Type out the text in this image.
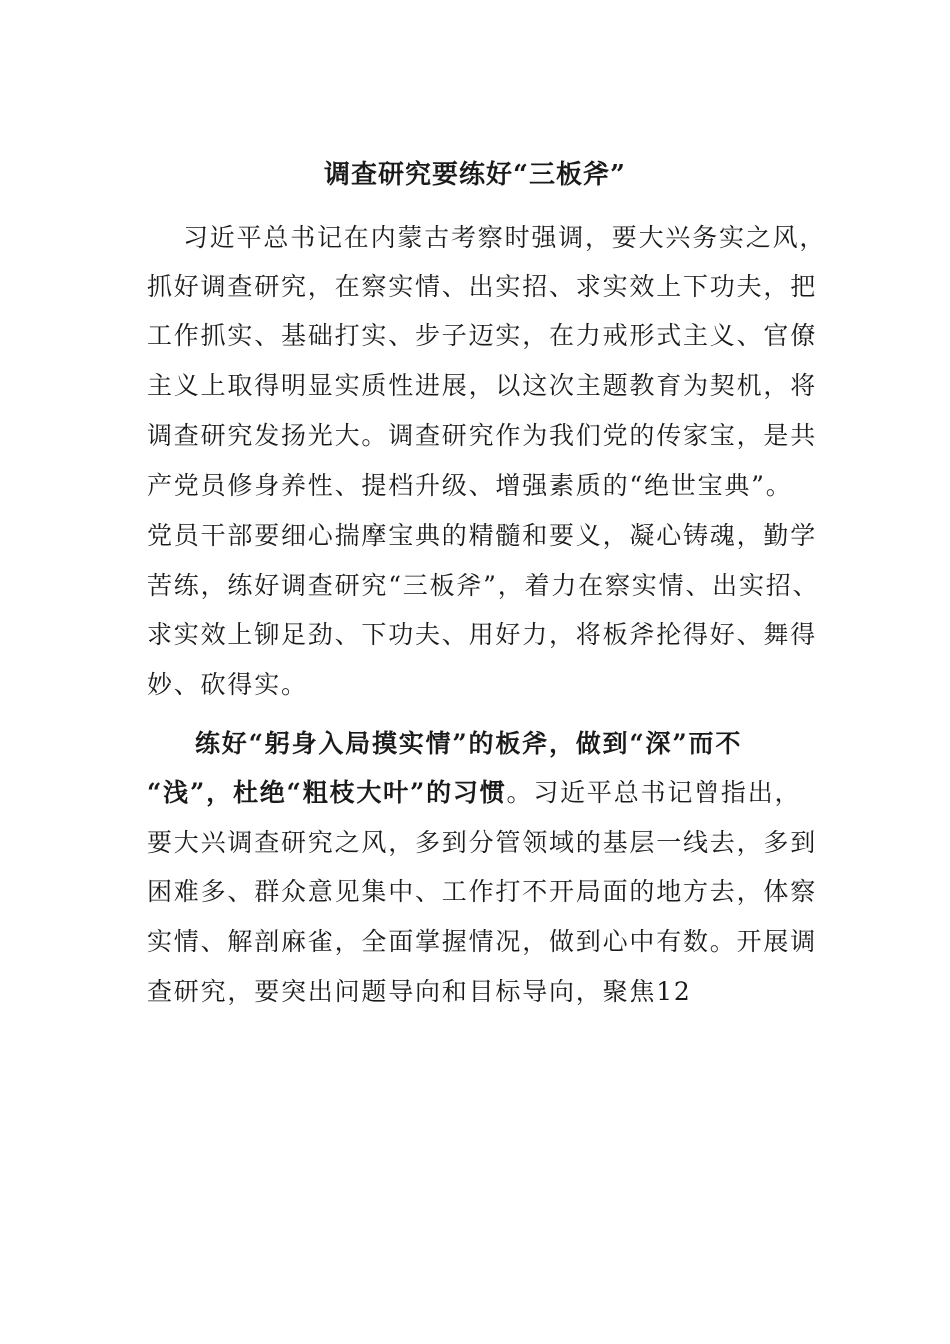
调查研究要练好“三板斧”
习近平总书记在内蒙古考察时强调，要大兴务实之风，
抓好调查研究，在察实情、出实招、求实效上下功夫，把
工作抓实、基础打实、步子迈实，在力戒形式主义、官僚
主义上取得明显实质性进展，以这次主题教育为契机，将
调查研究发扬光大。调查研究作为我们党的传家宝，是共
产党员修身养性、提档升级、增强素质的“绝世宝典”。
党员干部要细心揣摩宝典的精髓和要义，凝心铸魂，勤学
苦练，练好调查研究“三板斧”，着力在察实情、出实招、
求实效上铆足劲、下功夫、用好力，将板斧抡得好、舞得
妙、砍得实。
练好“躬身入局摸实情”的板斧，做到“深”而不
“浅”，杜绝“粗枝大叶”的习惯。习近平总书记曾指出，
要大兴调查研究之风，多到分管领域的基层一线去，多到
困难多、群众意见集中、工作打不开局面的地方去，体察
实情、解剖麻雀，全面掌握情况，做到心中有数。开展调
查研究，要突出问题导向和目标导向，聚焦12
